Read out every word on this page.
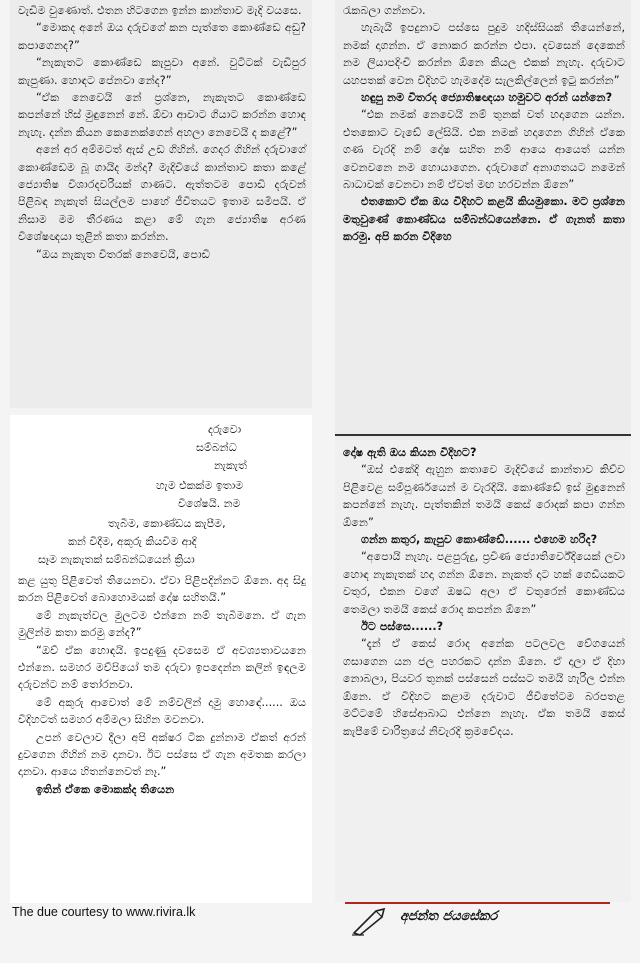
වැඩිම වුණොත්. එතන හිටගෙන ඉන්න කාන්තාව මැදි වයසෙ.

“මොකද අනේ ඔය දරුවගේ කන පැත්තෙ කොණ්ඩෙ අඩු? කපාගෙනද?”

“නැකැතට කොණ්ඩෙ කැපුවා අනේ. වුටිටක් වැඩිපුර කැපුණා. හොඳට පේනවා නේද?”

“ඒක නෙවෙයි නේ ප්‍රශ්නෙ, නැකැතට කොණ්ඩෙ කපන්නේ හිස් මුඳුනෙන් නේ. ඕවා ආවාට ගියාට කරන්න හොඳ නැහැ. දන්න කියන කෙනෙක්ගෙන් අහලා නෙවෙයි ද කළේ?”

අනේ අර අම්මටත් ඇස් උඩ ගිහින්. ගෙදර ගිහින් දරුවාගේ කොණ්ඩෙම බූ ගායිද මන්දා? මැදිවියේ කාන්තාව කතා කළේ ජ්‍යොතිෂ විශාරදවරියක් ගාණට. ඇත්තටම පොඩි දරුවන් පිළිබඳ නැකැත් සියල්ලම පාහේ ජීවිතයට ඉතාම සමීපයි. ඒ නිසාම මම තීරණය කළා මේ ගැන ජ්‍යොතිෂ අරණ විශේෂඥයා තුළින් කතා කරන්න.

“ඔය නැකැත විතරක් නෙවෙයි, පොඩි

දරුවො
සම්බන්ධ
නැකැත්
හැම එකක්ම ඉතාම
විශේෂයි. නම
තැබීම, කොණ්ඩය කැපීම,
කන් විදීම, අකුරු කියවීම ආදි
සෑම නැකැතක් සම්බන්ධයෙන් ක්‍රියා

කළ යුතු පිළිවෙත් තියෙනවා. ඒවා පිළිපදින්නට ඕනෙ. අද සිදු කරන පිළිවෙත් බොහොමයක් දෝෂ සහිතයි.”

මේ නැකැත්වල මුලටම එන්නෙ නම් තැබීමනෙ. ඒ ගැන මුලින්ම කතා කරමු නේද?”

“ඔව් ඒක හොඳයි. ඉපදුණු දවසෙම ඒ අවශ්‍යතාවයනෙ එන්නෙ. සමහර මව්පියෝ තම දරුවා ඉපදෙන්න කලින් ඉඳලම දරුවන්ට නම් තෝරනවා.

මේ අකුරු ආවොත් මේ නම්වලින් දාමු හොඳේ...... ඔය විදිහටත් සමහර අම්මලා සිහින මවනවා.

උපන් වෙලාව දීලා අපි අක්ෂර ටික දුන්නාම ඒකත් අරන් දුවගෙන ගිහින් නම දානවා. ඊට පස්සෙ ඒ ගැන අමතක කරලා දානවා. ආයෙ හිතන්නෙවත් නෑ.”

ඉතින් ඒකෙ මොකක්ද තියෙන

රැකබලා ගන්නවා.

හැබැයි ඉපදුනාට පස්සෙ පුදුම හදිස්සියක් තියෙන්නේ, නමක් දාගන්න. ඒ නොකර කරන්න එපා. දවසෙන් දෙකෙන් නම ලියාපදිංචි කරන්න ඕනෙ කියල එකක් නැහැ. දරුවාට යහපතක් වෙන විදිහට හැමදේම සැලකිල්ලෙන් ඉටු කරන්න”

හඳුපු නම විතරද ජ්‍යොතිෂඥයා හමුවට අරන් යන්නෙ?

“එක නමක් නෙවෙයි නම් තුනක් වත් හදාගෙන යන්න. එතකොට වැඩේ ලේසියි. එක නමක් හදාගෙන ගිහින් ඒකෙ ගණ වැරදි නම් දෝෂ සහිත නම් ආයෙ ආයෙත් යන්න වෙනවනෙ නම හොයාගෙන. දරුවාගේ අනාගතයට නමෙන් බාධාවක් වෙනවා නම් ඒවත් මඟ හරවන්න ඕනෙ”

එතකොට ඒක ඔය විදිහට කළයි කියමුකො. මට ප්‍රශ්නෙ මතුවුණේ කොණ්ඩය සම්බන්ධයෙන්නෙ. ඒ ගැනත් කතා කරමු. අපි කරන විදිහෙ

දෝෂ ඇති ඔය කියන විදිහට?

“ඔස් එකේදි ඇහුන කතාවෙ මැදිවියේ කාන්තාව කිව්ව පිළිවෙළ සම්පූර්ණයෙන් ම වැරදියි. කොණ්ඩේ ඉස් මුඳුනෙන් කපන්නේ නැහැ. පැත්තකින් තමයි කෙස් රොදක් කපා ගන්න ඕනෙ”

ගන්න කතුර, කැපුව කොණ්ඩේ...... එහෙම හරිද?

“අපොයි නැහැ. පළපුරුදු, ප්‍රවීණ ජ්‍යොතිර්වේදියෙක් ලවා හොඳ නැකැතක් හදා ගන්න ඕනෙ. නැකත් දාට හක් ගෙඩියකට වතුර, එකන වගේ ඔෂධ අලා ඒ වතුරෙන් කොණ්ඩය තෙමලා තමයි කෙස් රොද කපන්න ඕනෙ”

ඊට පස්සෙ......?

“දැන් ඒ කෙස් රොද අනේක පටලවල වේගයෙන් ගසාගෙන යන ජල පහරකට දාන්න ඕනෙ. ඒ දාලා ඒ දිහා නොබලා, පියවර තුනක් පස්සෙන් පස්සට තමයි හැරිල එන්න ඕනෙ. ඒ විදිහට කළාම දරුවාට ජීවිතේටම බරපතළ මට්ටමේ හිසේආබාධ එන්නෙ නැහැ. ඒක තමයි කෙස් කැපීමේ චාරිත්‍රයේ නිවැරදි ක්‍රමවේදය.

අජන්ත ජයසේකර
The due courtesy to www.rivira.lk
